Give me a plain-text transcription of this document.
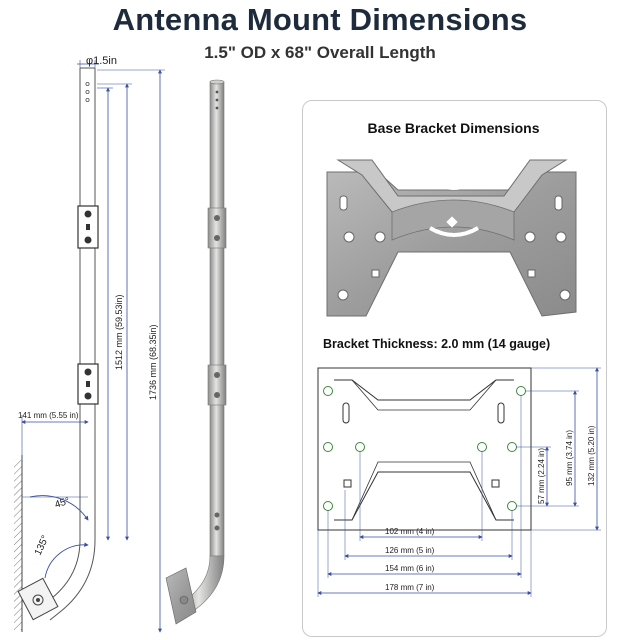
Antenna Mount Dimensions
1.5" OD x 68" Overall Length
Base Bracket Dimensions
Bracket Thickness: 2.0 mm (14 gauge)
φ1.5in
1512 mm (59.53in)	1736 mm (68.35in)
141 mm (5.55 in)
45°
135°
102 mm (4 in)
126 mm (5 in)
154 mm (6 in)
178 mm (7 in)
57 mm (2.24 in) 95 mm (3.74 in) 132 mm (5.20 in)
